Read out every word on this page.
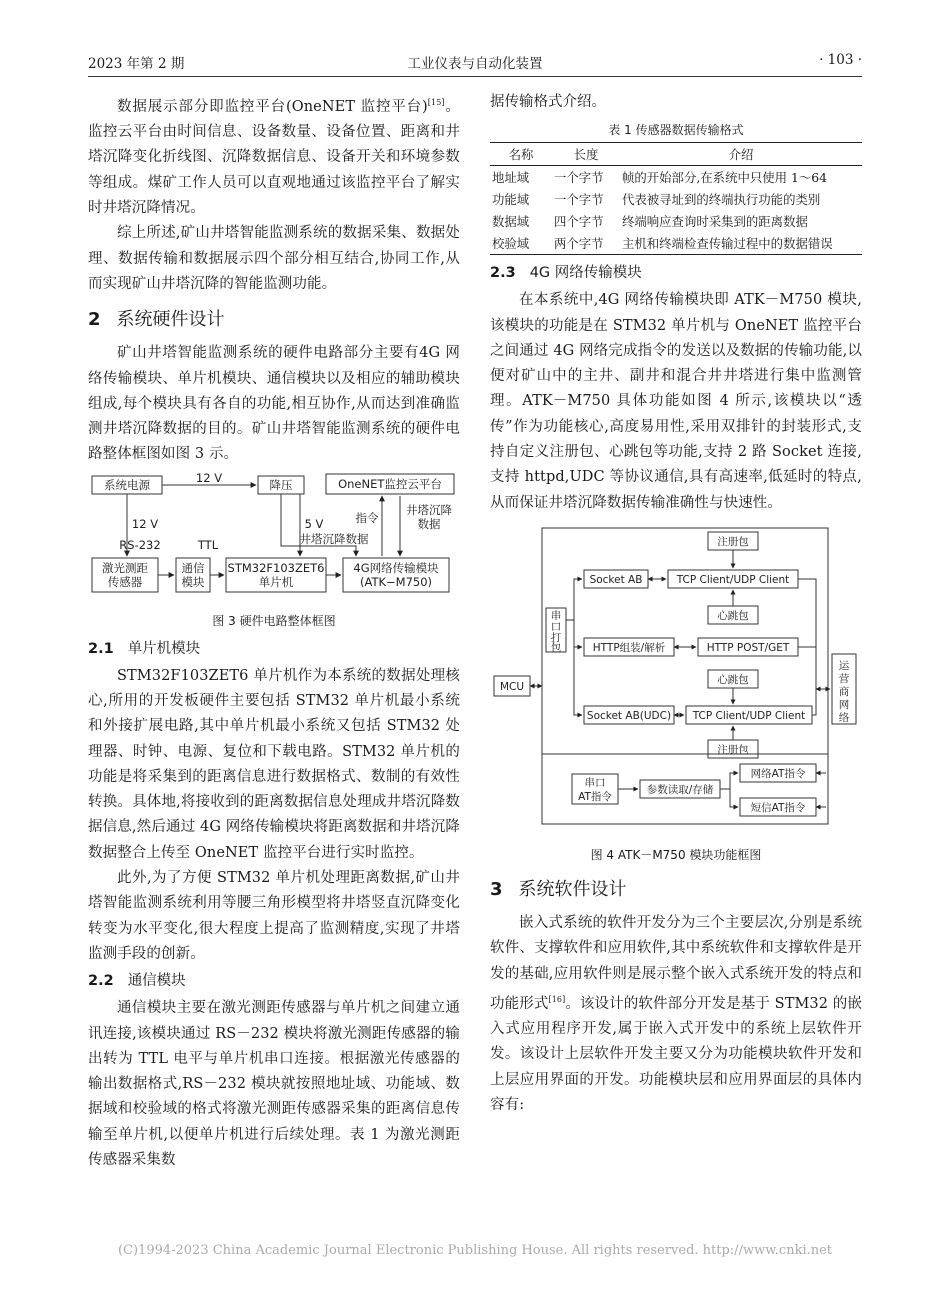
2023 年第 2 期	工业仪表与自动化装置	· 103 ·

数据展示部分即监控平台(OneNET 监控平台)[15]。监控云平台由时间信息、设备数量、设备位置、距离和井塔沉降变化折线图、沉降数据信息、设备开关和环境参数等组成。煤矿工作人员可以直观地通过该监控平台了解实时井塔沉降情况。

综上所述,矿山井塔智能监测系统的数据采集、数据处理、数据传输和数据展示四个部分相互结合,协同工作,从而实现矿山井塔沉降的智能监测功能。

2 系统硬件设计

矿山井塔智能监测系统的硬件电路部分主要有4G 网络传输模块、单片机模块、通信模块以及相应的辅助模块组成,每个模块具有各自的功能,相互协作,从而达到准确监测井塔沉降数据的目的。矿山井塔智能监测系统的硬件电路整体框图如图 3 示。

系统电源	12 V	降压	OneNET监控云平台
12 V	5 V	指令
井塔沉降
数据
RS-232	TTL	井塔沉降数据
激光测距
传感器
通信
模块
STM32F103ZET6
单片机
4G网络传输模块
(ATK−M750)
图 3 硬件电路整体框图
2.1 单片机模块

STM32F103ZET6 单片机作为本系统的数据处理核心,所用的开发板硬件主要包括 STM32 单片机最小系统和外接扩展电路,其中单片机最小系统又包括 STM32 处理器、时钟、电源、复位和下载电路。STM32 单片机的功能是将采集到的距离信息进行数据格式、数制的有效性转换。具体地,将接收到的距离数据信息处理成井塔沉降数据信息,然后通过 4G 网络传输模块将距离数据和井塔沉降数据整合上传至 OneNET 监控平台进行实时监控。

此外,为了方便 STM32 单片机处理距离数据,矿山井塔智能监测系统利用等腰三角形模型将井塔竖直沉降变化转变为水平变化,很大程度上提高了监测精度,实现了井塔监测手段的创新。

2.2 通信模块

通信模块主要在激光测距传感器与单片机之间建立通讯连接,该模块通过 RS－232 模块将激光测距传感器的输出转为 TTL 电平与单片机串口连接。根据激光传感器的输出数据格式,RS－232 模块就按照地址域、功能域、数据域和校验域的格式将激光测距传感器采集的距离信息传输至单片机,以便单片机进行后续处理。表 1 为激光测距传感器采集数

据传输格式介绍。

表 1 传感器数据传输格式
名称	长度	介绍
地址域	一个字节	帧的开始部分,在系统中只使用 1～64
功能域	一个字节	代表被寻址到的终端执行功能的类别
数据域	四个字节	终端响应查询时采集到的距离数据
校验域	两个字节	主机和终端检查传输过程中的数据错误
2.3 4G 网络传输模块

在本系统中,4G 网络传输模块即 ATK－M750 模块,该模块的功能是在 STM32 单片机与 OneNET 监控平台之间通过 4G 网络完成指令的发送以及数据的传输功能,以便对矿山中的主井、副井和混合井井塔进行集中监测管理。ATK－M750 具体功能如图 4 所示,该模块以“透传”作为功能核心,高度易用性,采用双排针的封装形式,支持自定义注册包、心跳包等功能,支持 2 路 Socket 连接,支持 httpd,UDC 等协议通信,具有高速率,低延时的特点,从而保证井塔沉降数据传输准确性与快速性。

MCU
串
口
打
包
注册包
Socket AB	TCP Client/UDP Client
心跳包
HTTP组装/解析	HTTP POST/GET
心跳包
Socket AB(UDC) TCP Client/UDP Client
注册包
运
营
商
网
络
串口
AT指令
参数读取/存储
网络AT指令
短信AT指令
图 4 ATK－M750 模块功能框图
3 系统软件设计

嵌入式系统的软件开发分为三个主要层次,分别是系统软件、支撑软件和应用软件,其中系统软件和支撑软件是开发的基础,应用软件则是展示整个嵌入式系统开发的特点和功能形式[16]。该设计的软件部分开发是基于 STM32 的嵌入式应用程序开发,属于嵌入式开发中的系统上层软件开发。该设计上层软件开发主要又分为功能模块软件开发和上层应用界面的开发。功能模块层和应用界面层的具体内容有:

(C)1994-2023 China Academic Journal Electronic Publishing House. All rights reserved. http://www.cnki.net
